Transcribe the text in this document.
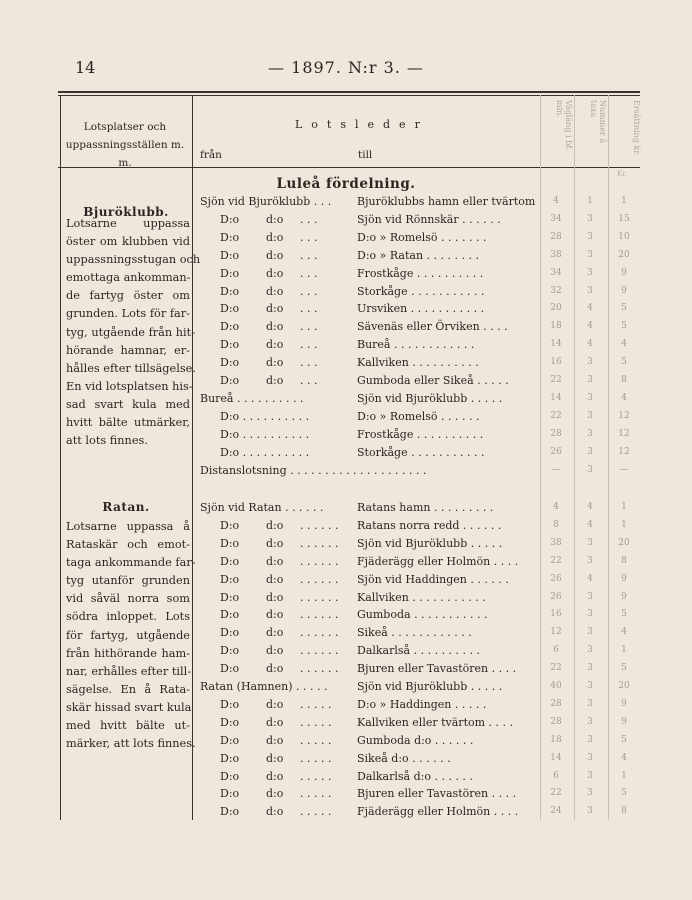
14	— 1897. N:r 3. —
Lotsplatser och uppassningsställen m. m.
Lotsleder
från	till
Vägläng i bf. min.	Nummer å taxa	Ersättning kr.
Kr.
Luleå fördelning.
Bjuröklubb.
Lotsarne uppassa
öster om klubben vid
uppassningsstugan och
emottaga ankomman-
de fartyg öster om
grunden. Lots för far-
tyg, utgående från hit-
hörande hamnar, er-
hålles efter tillsägelse.
En vid lotsplatsen his-
sad svart kula med
hvitt bälte utmärker,
att lots finnes.
Ratan.
Lotsarne uppassa å
Rataskär och emot-
taga ankommande far-
tyg utanför grunden
vid såväl norra som
södra inloppet. Lots
för fartyg, utgående
från hithörande ham-
nar, erhålles efter till-
sägelse. En å Rata-
skär hissad svart kula
med hvitt bälte ut-
märker, att lots finnes.
Sjön vid Bjuröklubb . . .	Bjuröklubbs hamn eller tvärtom	4	1	1
D:o d:o . . .	Sjön vid Rönnskär . . . . . .	34	3	15
D:o d:o . . .	D:o » Romelsö . . . . . . .	28	3	10
D:o d:o . . .	D:o » Ratan . . . . . . . .	38	3	20
D:o d:o . . .	Frostkåge . . . . . . . . . .	34	3	9
D:o d:o . . .	Storkåge . . . . . . . . . . .	32	3	9
D:o d:o . . .	Ursviken . . . . . . . . . . .	20	4	5
D:o d:o . . .	Sävenäs eller Örviken . . . .	18	4	5
D:o d:o . . .	Bureå . . . . . . . . . . . .	14	4	4
D:o d:o . . .	Kallviken . . . . . . . . . .	16	3	5
D:o d:o . . .	Gumboda eller Sikeå . . . . .	22	3	8
Bureå . . . . . . . . . .	Sjön vid Bjuröklubb . . . . .	14	3	4
D:o . . . . . . . . . .	D:o » Romelsö . . . . . .	22	3	12
D:o . . . . . . . . . .	Frostkåge . . . . . . . . . .	28	3	12
D:o . . . . . . . . . .	Storkåge . . . . . . . . . . .	26	3	12
Distanslotsning . . . . . . . . . . . . . . . . . . . .	—	3	—
Sjön vid Ratan . . . . . .	Ratans hamn . . . . . . . . .	4	4	1
D:o d:o . . . . . . Ratans norra redd . . . . . .	8	4	1
D:o d:o . . . . . . Sjön vid Bjuröklubb . . . . .	38	3	20
D:o d:o . . . . . . Fjäderägg eller Holmön . . . .	22	3	8
D:o d:o . . . . . . Sjön vid Haddingen . . . . . .	26	4	9
D:o d:o . . . . . . Kallviken . . . . . . . . . . .	26	3	9
D:o d:o . . . . . . Gumboda . . . . . . . . . . .	16	3	5
D:o d:o . . . . . . Sikeå . . . . . . . . . . . .	12	3	4
D:o d:o . . . . . . Dalkarlså . . . . . . . . . .	6	3	1
D:o d:o . . . . . . Bjuren eller Tavastören . . . .	22	3	5
Ratan (Hamnen) . . . . .	Sjön vid Bjuröklubb . . . . .	40	3	20
D:o d:o . . . . . D:o » Haddingen . . . . .	28	3	9
D:o d:o . . . . . Kallviken eller tvärtom . . . .	28	3	9
D:o d:o . . . . . Gumboda d:o . . . . . .	18	3	5
D:o d:o . . . . . Sikeå d:o . . . . . .	14	3	4
D:o d:o . . . . . Dalkarlså d:o . . . . . .	6	3	1
D:o d:o . . . . . Bjuren eller Tavastören . . . .	22	3	5
D:o d:o . . . . . Fjäderägg eller Holmön . . . .	24	3	8
